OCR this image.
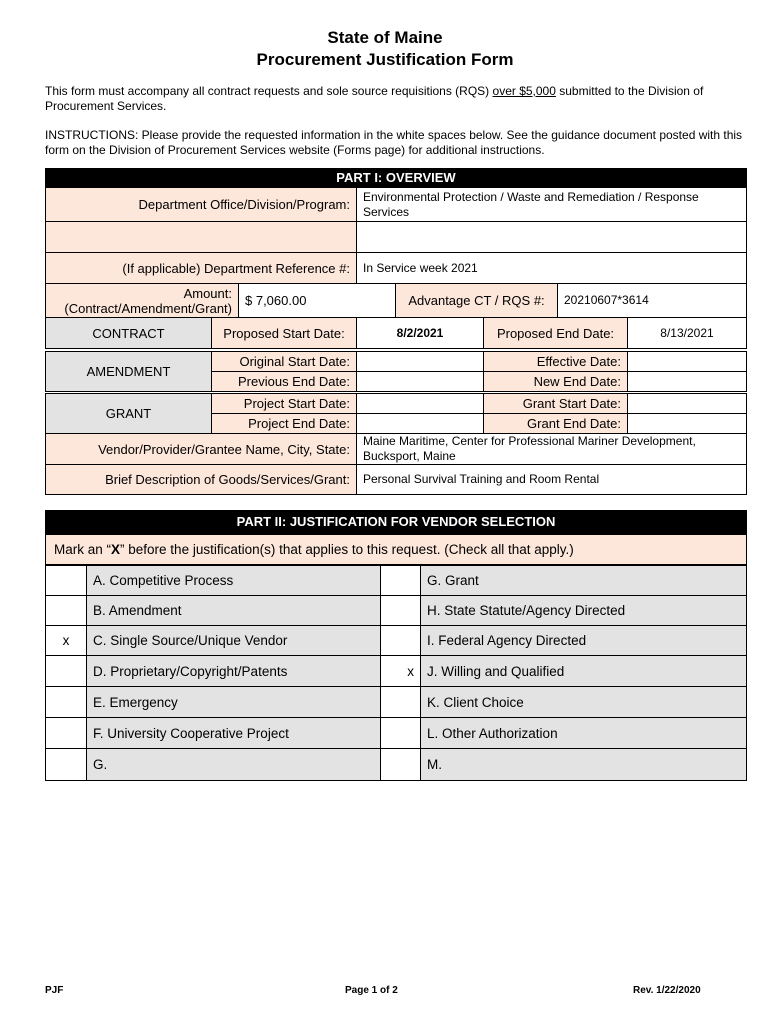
State of Maine
Procurement Justification Form
This form must accompany all contract requests and sole source requisitions (RQS) over $5,000 submitted to the Division of Procurement Services.
INSTRUCTIONS: Please provide the requested information in the white spaces below. See the guidance document posted with this form on the Division of Procurement Services website (Forms page) for additional instructions.
PART I: OVERVIEW
Department Office/Division/Program:
Environmental Protection / Waste and Remediation / Response Services
(If applicable) Department Reference #:	In Service week 2021
Amount:
(Contract/Amendment/Grant)	$ 7,060.00	Advantage CT / RQS #:	20210607*3614
CONTRACT	Proposed Start Date:	8/2/2021	Proposed End Date:	8/13/2021
AMENDMENT
Original Start Date:	Effective Date:
Previous End Date:	New End Date:
GRANT
Project Start Date:	Grant Start Date:
Project End Date:	Grant End Date:
Vendor/Provider/Grantee Name, City, State:
Maine Maritime, Center for Professional Mariner Development, Bucksport, Maine
Brief Description of Goods/Services/Grant:	Personal Survival Training and Room Rental
PART II: JUSTIFICATION FOR VENDOR SELECTION
Mark an “ X ” before the justification(s) that applies to this request. (Check all that apply.)
A. Competitive Process	G. Grant
B. Amendment	H. State Statute/Agency Directed
x	C. Single Source/Unique Vendor	I. Federal Agency Directed
D. Proprietary/Copyright/Patents	x J. Willing and Qualified
E. Emergency	K. Client Choice
F. University Cooperative Project	L. Other Authorization
G.	M.
PJF	Page 1 of 2	Rev. 1/22/2020
